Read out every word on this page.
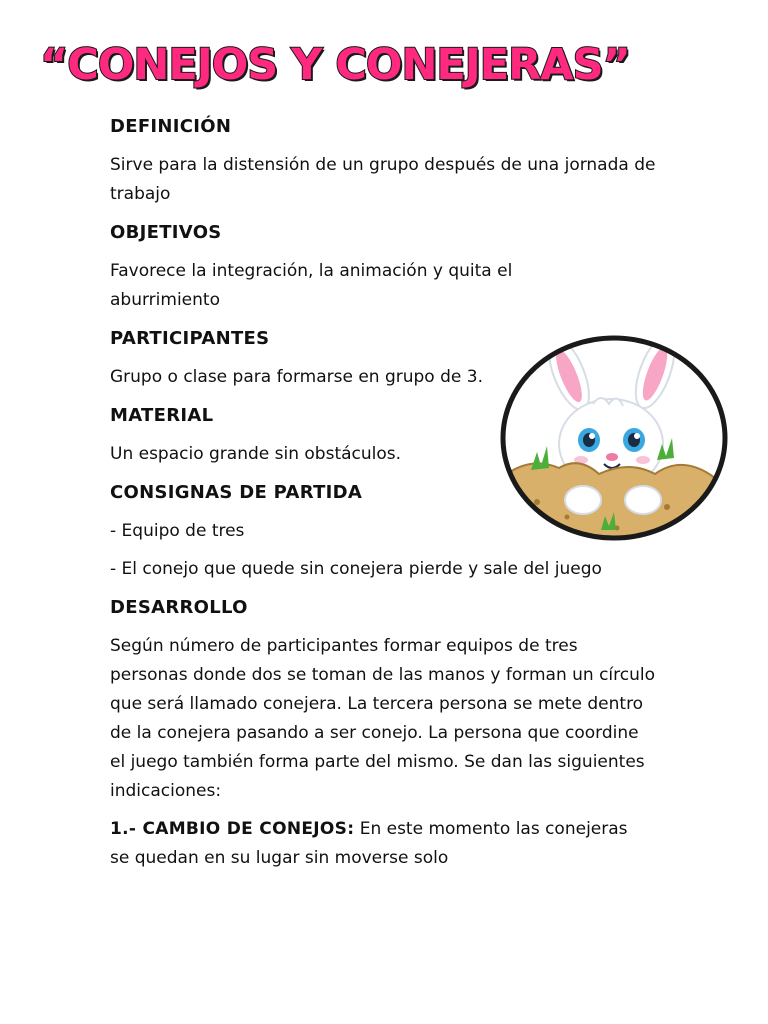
“CONEJOS Y CONEJERAS”

DEFINICIÓN

Sirve para la distensión de un grupo después de una jornada de trabajo

OBJETIVOS

Favorece la integración, la animación y quita el aburrimiento

PARTICIPANTES

Grupo o clase para formarse en grupo de 3.

MATERIAL

Un espacio grande sin obstáculos.

CONSIGNAS DE PARTIDA

- Equipo de tres

- El conejo que quede sin conejera pierde y sale del juego

DESARROLLO

Según número de participantes formar equipos de tres personas donde dos se toman de las manos y forman un círculo que será llamado conejera. La tercera persona se mete dentro de la conejera pasando a ser conejo. La persona que coordine el juego también forma parte del mismo. Se dan las siguientes indicaciones:

1.- CAMBIO DE CONEJOS: En este momento las conejeras se quedan en su lugar sin moverse solo
